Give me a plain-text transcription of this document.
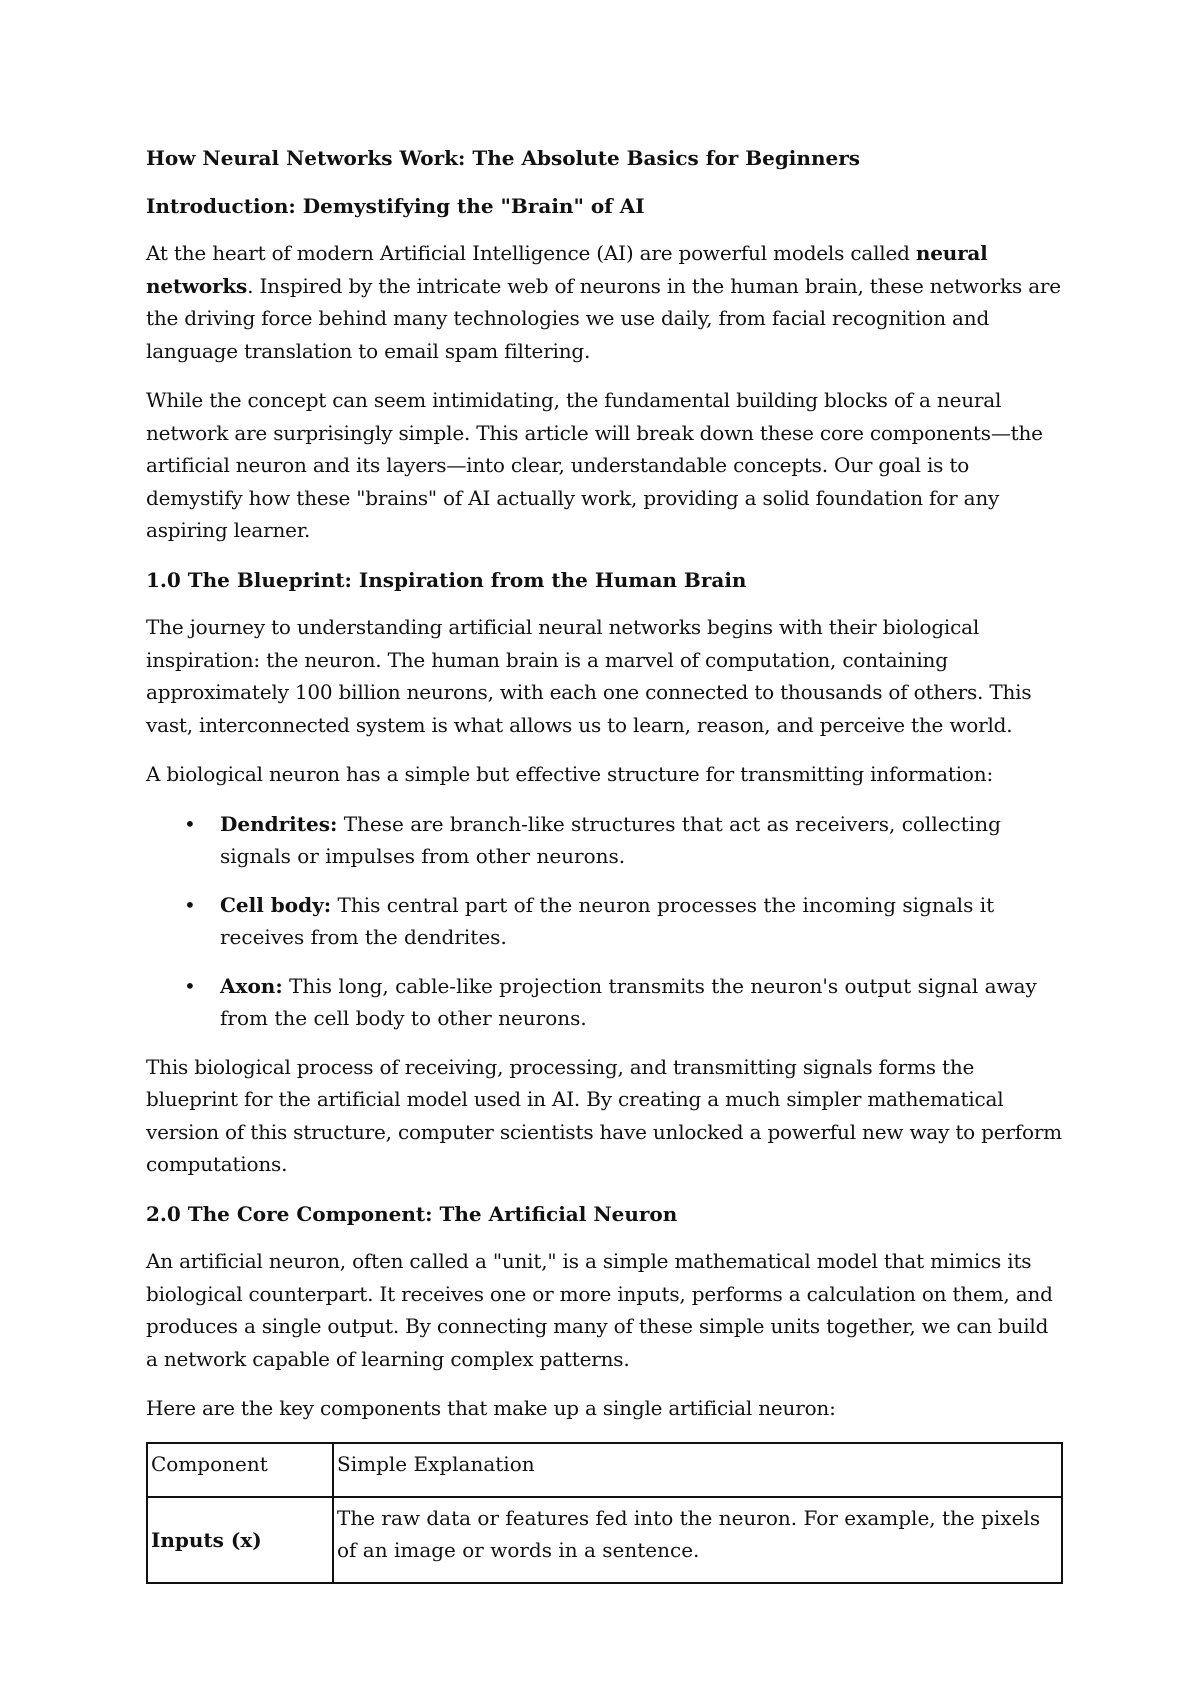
How Neural Networks Work: The Absolute Basics for Beginners
Introduction: Demystifying the "Brain" of AI

At the heart of modern Artificial Intelligence (AI) are powerful models called neural networks. Inspired by the intricate web of neurons in the human brain, these networks are the driving force behind many technologies we use daily, from facial recognition and language translation to email spam filtering.

While the concept can seem intimidating, the fundamental building blocks of a neural network are surprisingly simple. This article will break down these core components—the artificial neuron and its layers—into clear, understandable concepts. Our goal is to demystify how these "brains" of AI actually work, providing a solid foundation for any aspiring learner.

1.0 The Blueprint: Inspiration from the Human Brain

The journey to understanding artificial neural networks begins with their biological inspiration: the neuron. The human brain is a marvel of computation, containing approximately 100 billion neurons, with each one connected to thousands of others. This vast, interconnected system is what allows us to learn, reason, and perceive the world.

A biological neuron has a simple but effective structure for transmitting information:

• Dendrites: These are branch-like structures that act as receivers, collecting signals or impulses from other neurons.
• Cell body: This central part of the neuron processes the incoming signals it receives from the dendrites.
• Axon: This long, cable-like projection transmits the neuron's output signal away from the cell body to other neurons.

This biological process of receiving, processing, and transmitting signals forms the blueprint for the artificial model used in AI. By creating a much simpler mathematical version of this structure, computer scientists have unlocked a powerful new way to perform computations.

2.0 The Core Component: The Artificial Neuron

An artificial neuron, often called a "unit," is a simple mathematical model that mimics its biological counterpart. It receives one or more inputs, performs a calculation on them, and produces a single output. By connecting many of these simple units together, we can build a network capable of learning complex patterns.

Here are the key components that make up a single artificial neuron:

Component	Simple Explanation
Inputs (x)	The raw data or features fed into the neuron. For example, the pixels of an image or words in a sentence.
